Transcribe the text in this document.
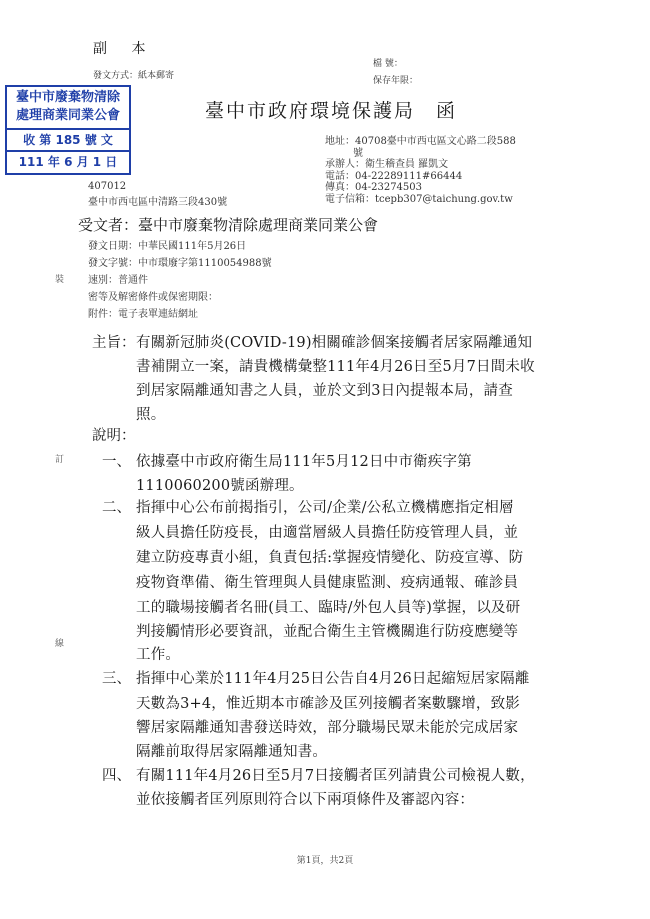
副 本
發文方式：紙本郵寄
檔 號：
保存年限：
臺中市廢棄物清除
處理商業同業公會
收 第 185 號 文
111 年 6 月 1 日
臺中市政府環境保護局　函
地址：40708臺中市西屯區文心路二段588
號
承辦人：衛生稽查員 羅凱文
電話：04-22289111#66444
傳真：04-23274503
電子信箱：tcepb307@taichung.gov.tw
407012
臺中市西屯區中清路三段430號
受文者：臺中市廢棄物清除處理商業同業公會
發文日期：中華民國111年5月26日
發文字號：中市環廢字第1110054988號
速別：普通件
密等及解密條件或保密期限：
附件：電子表單連結網址
裝
訂
線
主旨： 有關新冠肺炎(COVID-19)相關確診個案接觸者居家隔離通知
書補開立一案，請貴機構彙整111年4月26日至5月7日間未收
到居家隔離通知書之人員，並於文到3日內提報本局，請查
照。
說明：
一、 依據臺中市政府衛生局111年5月12日中市衛疾字第
1110060200號函辦理。
二、 指揮中心公布前揭指引，公司/企業/公私立機構應指定相層
級人員擔任防疫長，由適當層級人員擔任防疫管理人員，並
建立防疫專責小組，負責包括:掌握疫情變化、防疫宣導、防
疫物資準備、衛生管理與人員健康監測、疫病通報、確診員
工的職場接觸者名冊(員工、臨時/外包人員等)掌握，以及研
判接觸情形必要資訊，並配合衛生主管機關進行防疫應變等
工作。
三、 指揮中心業於111年4月25日公告自4月26日起縮短居家隔離
天數為3+4，惟近期本市確診及匡列接觸者案數驟增，致影
響居家隔離通知書發送時效，部分職場民眾未能於完成居家
隔離前取得居家隔離通知書。
四、 有關111年4月26日至5月7日接觸者匡列請貴公司檢視人數，
並依接觸者匡列原則符合以下兩項條件及審認內容：
第1頁，共2頁
